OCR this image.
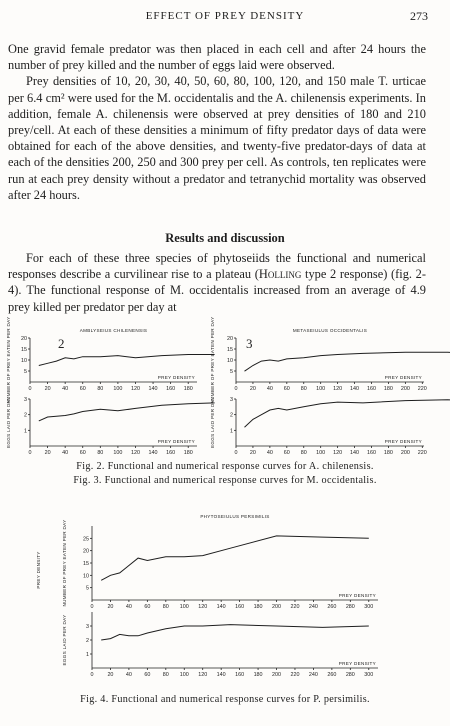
EFFECT OF PREY DENSITY	273

One gravid female predator was then placed in each cell and after 24 hours the number of prey killed and the number of eggs laid were observed.

Prey densities of 10, 20, 30, 40, 50, 60, 80, 100, 120, and 150 male T. urticae per 6.4 cm² were used for the M. occidentalis and the A. chilenensis experiments. In addition, female A. chilenensis were observed at prey densities of 180 and 210 prey/cell. At each of these densities a minimum of fifty predator days of data were obtained for each of the above densities, and twenty-five predator-days of data at each of the densities 200, 250 and 300 prey per cell. As controls, ten replicates were run at each prey density without a predator and tetranychid mortality was observed after 24 hours.

Results and discussion

For each of these three species of phytoseiids the functional and numerical responses describe a curvilinear rise to a plateau (Holling type 2 response) (fig. 2-4). The functional response of M. occidentalis increased from an average of 4.9 prey killed per predator per day at

AMBLYSEIUS CHILENENSIS
2
20
15
10
5
NUMBER OF PREY EATEN PER DAY	PREY DENSITY
0 20 40 60 80 100 120 140 160 180
3
2
1
EGGS LAID PER DAY	PREY DENSITY
0 20 40 60 80 100 120 140 160 180
METASEIULUS OCCIDENTALIS
3
20
15
10
5
NUMBER OF PREY EATEN PER DAY	PREY DENSITY
0 20 40 60 80 100 120 140 160 180 200 220
3
2
1
EGGS LAID PER DAY	PREY DENSITY
0 20 40 60 80 100 120 140 160 180 200 220
Fig. 2. Functional and numerical response curves for A. chilenensis.
Fig. 3. Functional and numerical response curves for M. occidentalis.
PHYTOSEIULUS PERSIMILIS
25
20
15
10
5
NUMBER OF PREY EATEN PER DAY	PREY DENSITY
0	20 40 60 80 100 120 140 160 180 200 220 240 260 280 300
3
2
1
EGGS LAID PER DAY	PREY DENSITY
0	20 40 60 80 100 120 140 160 180 200 220 240 260 280 300
PREY DENSITY
Fig. 4. Functional and numerical response curves for P. persimilis.
